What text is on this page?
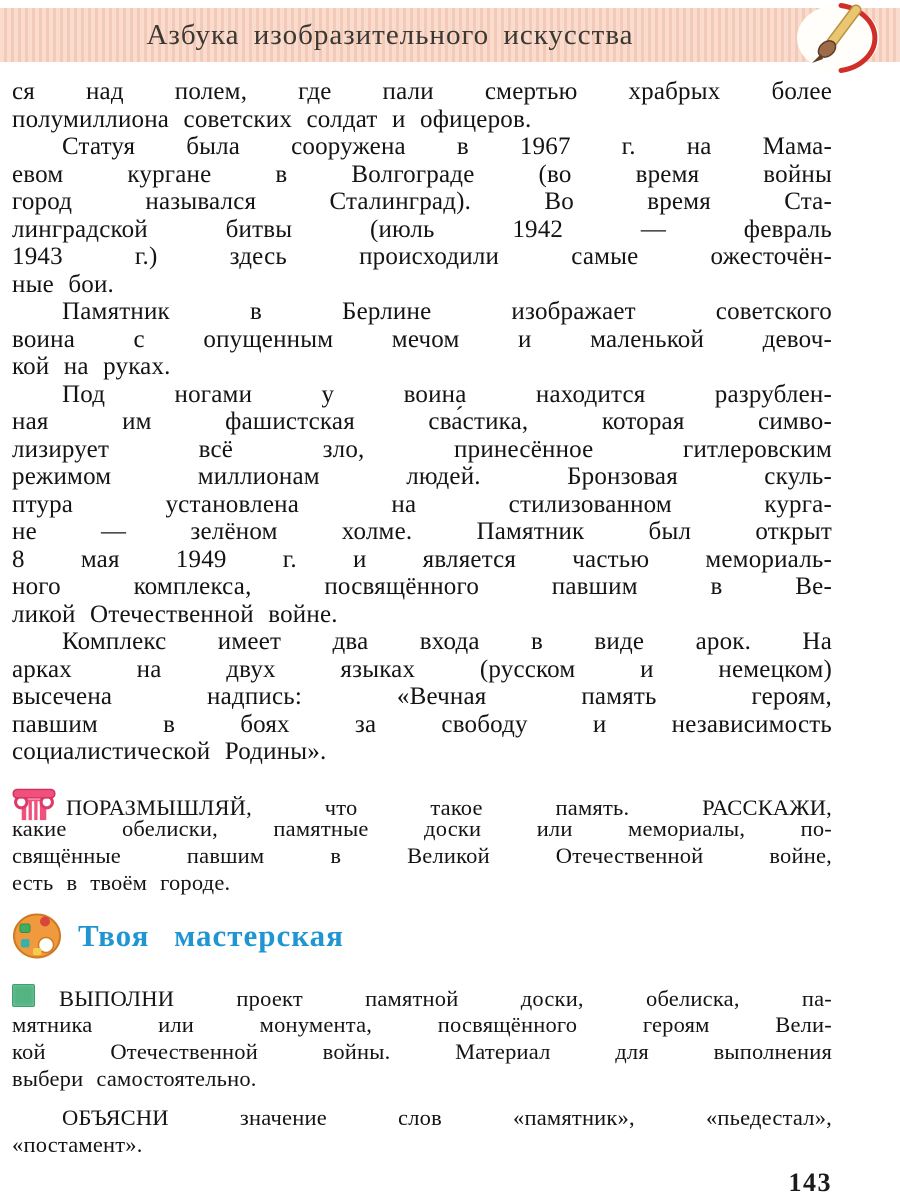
Азбука изобразительного искусства
ся над полем, где пали смертью храбрых более
полумиллиона советских солдат и офицеров.
Статуя была сооружена в 1967 г. на Мама-
евом кургане в Волгограде (во время войны
город назывался Сталинград). Во время Ста-
линградской битвы (июль 1942 — февраль
1943 г.) здесь происходили самые ожесточён-
ные бои.
Памятник в Берлине изображает советского
воина с опущенным мечом и маленькой девоч-
кой на руках.
Под ногами у воина находится разрублен-
ная им фашистская сва́стика, которая симво-
лизирует всё зло, принесённое гитлеровским
режимом миллионам людей. Бронзовая скуль-
птура установлена на стилизованном курга-
не — зелёном холме. Памятник был открыт
8 мая 1949 г. и является частью мемориаль-
ного комплекса, посвящённого павшим в Ве-
ликой Отечественной войне.
Комплекс имеет два входа в виде арок. На
арках на двух языках (русском и немецком)
высечена надпись: «Вечная память героям,
павшим в боях за свободу и независимость
социалистической Родины».
ПОРАЗМЫШЛЯЙ, что такое память. РАССКАЖИ,
какие обелиски, памятные доски или мемориалы, по-
свящённые павшим в Великой Отечественной войне,
есть в твоём городе.
Твоя мастерская
ВЫПОЛНИ проект памятной доски, обелиска, па-
мятника или монумента, посвящённого героям Вели-
кой Отечественной войны. Материал для выполнения
выбери самостоятельно.
ОБЪЯСНИ значение слов «памятник», «пьедестал»,
«постамент».
143
